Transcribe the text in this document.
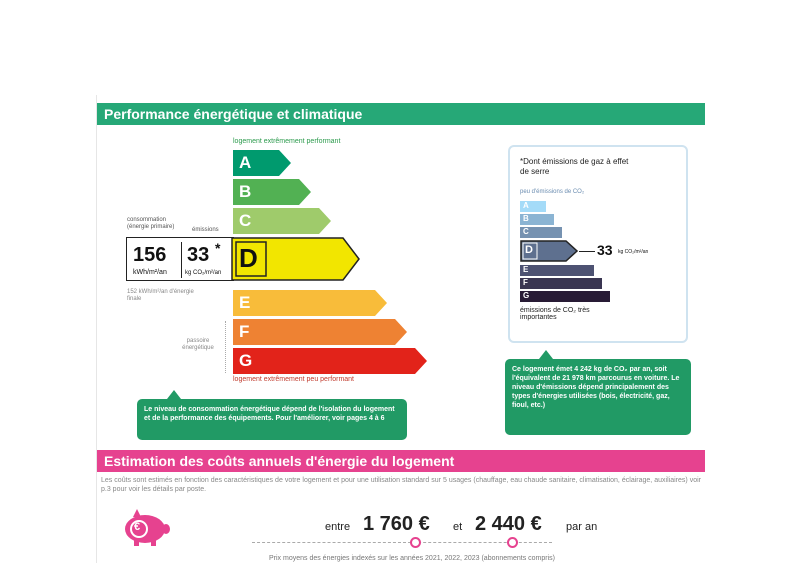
Performance énergétique et climatique
logement extrêmement performant
A
B
C
consommation (énergie primaire)	émissions
156
kWh/m²/an
33 *
kg CO₂/m²/an D
152 kWh/m²/an d'énergie finale	E
F
G
passoire énergétique
logement extrêmement peu performant
*Dont émissions de gaz à effet de serre
peu d'émissions de CO₂
A
B
C
D	33 kg CO₂/m²/an
E
F
G
émissions de CO₂ très importantes
Ce logement émet 4 242 kg de CO₂ par an, soit l'équivalent de 21 978 km parcourus en voiture. Le niveau d'émissions dépend principalement des types d'énergies utilisées (bois, électricité, gaz, fioul, etc.)
Le niveau de consommation énergétique dépend de l'isolation du logement et de la performance des équipements. Pour l'améliorer, voir pages 4 à 6
Estimation des coûts annuels d'énergie du logement
Les coûts sont estimés en fonction des caractéristiques de votre logement et pour une utilisation standard sur 5 usages (chauffage, eau chaude sanitaire, climatisation, éclairage, auxiliaires) voir p.3 pour voir les détails par poste.
€	entre 1 760 € et 2 440 € par an
Prix moyens des énergies indexés sur les années 2021, 2022, 2023 (abonnements compris)
